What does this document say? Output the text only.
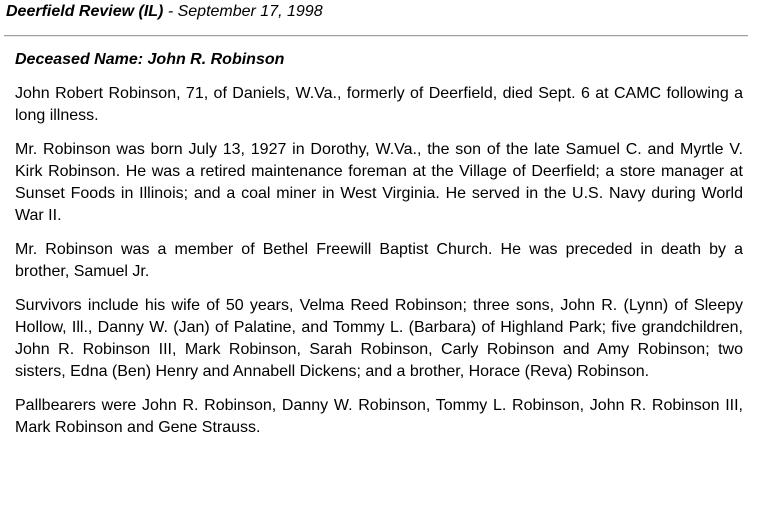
Deerfield Review (IL) - September 17, 1998
Deceased Name: John R. Robinson

John Robert Robinson, 71, of Daniels, W.Va., formerly of Deerfield, died Sept. 6 at CAMC following a long illness.

Mr. Robinson was born July 13, 1927 in Dorothy, W.Va., the son of the late Samuel C. and Myrtle V. Kirk Robinson. He was a retired maintenance foreman at the Village of Deerfield; a store manager at Sunset Foods in Illinois; and a coal miner in West Virginia. He served in the U.S. Navy during World War II.

Mr. Robinson was a member of Bethel Freewill Baptist Church. He was preceded in death by a brother, Samuel Jr.

Survivors include his wife of 50 years, Velma Reed Robinson; three sons, John R. (Lynn) of Sleepy Hollow, Ill., Danny W. (Jan) of Palatine, and Tommy L. (Barbara) of Highland Park; five grandchildren, John R. Robinson III, Mark Robinson, Sarah Robinson, Carly Robinson and Amy Robinson; two sisters, Edna (Ben) Henry and Annabell Dickens; and a brother, Horace (Reva) Robinson.

Pallbearers were John R. Robinson, Danny W. Robinson, Tommy L. Robinson, John R. Robinson III, Mark Robinson and Gene Strauss.
